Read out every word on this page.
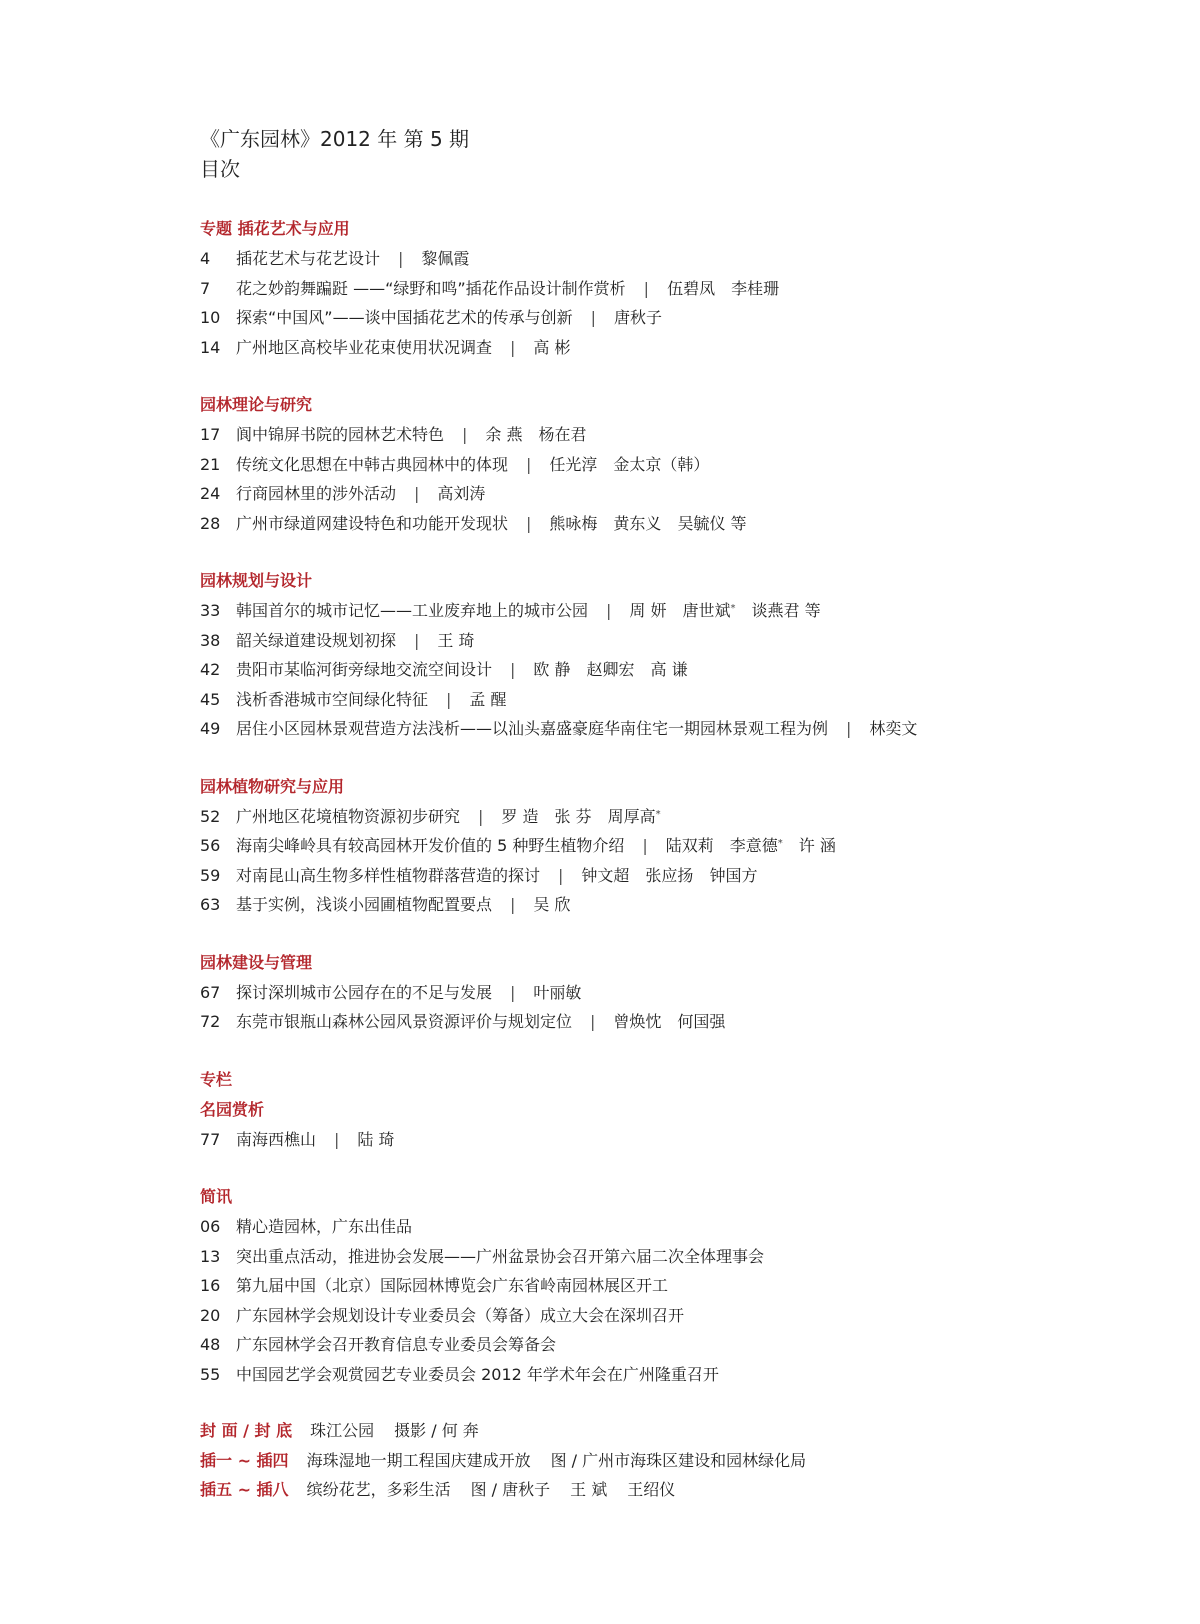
《广东园林》2012 年 第 5 期
目次
专题 插花艺术与应用
4 插花艺术与花艺设计 | 黎佩霞
7 花之妙韵舞蹁跹 ——“绿野和鸣”插花作品设计制作赏析 | 伍碧凤 李桂珊
10 探索“中国风”——谈中国插花艺术的传承与创新 | 唐秋子
14 广州地区高校毕业花束使用状况调查 | 高 彬
园林理论与研究
17 阆中锦屏书院的园林艺术特色 | 余 燕 杨在君
21 传统文化思想在中韩古典园林中的体现 | 任光淳 金太京（韩）
24 行商园林里的涉外活动 | 高刘涛
28 广州市绿道网建设特色和功能开发现状 | 熊咏梅 黄东义 吴毓仪 等
园林规划与设计
33 韩国首尔的城市记忆——工业废弃地上的城市公园 | 周 妍 唐世斌* 谈燕君 等
38 韶关绿道建设规划初探 | 王 琦
42 贵阳市某临河街旁绿地交流空间设计 | 欧 静 赵卿宏 高 谦
45 浅析香港城市空间绿化特征 | 孟 醒
49 居住小区园林景观营造方法浅析——以汕头嘉盛豪庭华南住宅一期园林景观工程为例 | 林奕文
园林植物研究与应用
52 广州地区花境植物资源初步研究 | 罗 造 张 芬 周厚高*
56 海南尖峰岭具有较高园林开发价值的 5 种野生植物介绍 | 陆双莉 李意德* 许 涵
59 对南昆山高生物多样性植物群落营造的探讨 | 钟文超 张应扬 钟国方
63 基于实例，浅谈小园圃植物配置要点 | 吴 欣
园林建设与管理
67 探讨深圳城市公园存在的不足与发展 | 叶丽敏
72 东莞市银瓶山森林公园风景资源评价与规划定位 | 曾焕忱 何国强
专栏
名园赏析
77 南海西樵山 | 陆 琦
简讯
06 精心造园林，广东出佳品
13 突出重点活动，推进协会发展——广州盆景协会召开第六届二次全体理事会
16 第九届中国（北京）国际园林博览会广东省岭南园林展区开工
20 广东园林学会规划设计专业委员会（筹备）成立大会在深圳召开
48 广东园林学会召开教育信息专业委员会筹备会
55 中国园艺学会观赏园艺专业委员会 2012 年学术年会在广州隆重召开
封 面 / 封 底 珠江公园 摄影 / 何 奔
插一 ~ 插四 海珠湿地一期工程国庆建成开放 图 / 广州市海珠区建设和园林绿化局
插五 ~ 插八 缤纷花艺，多彩生活 图 / 唐秋子 王 斌 王绍仪
